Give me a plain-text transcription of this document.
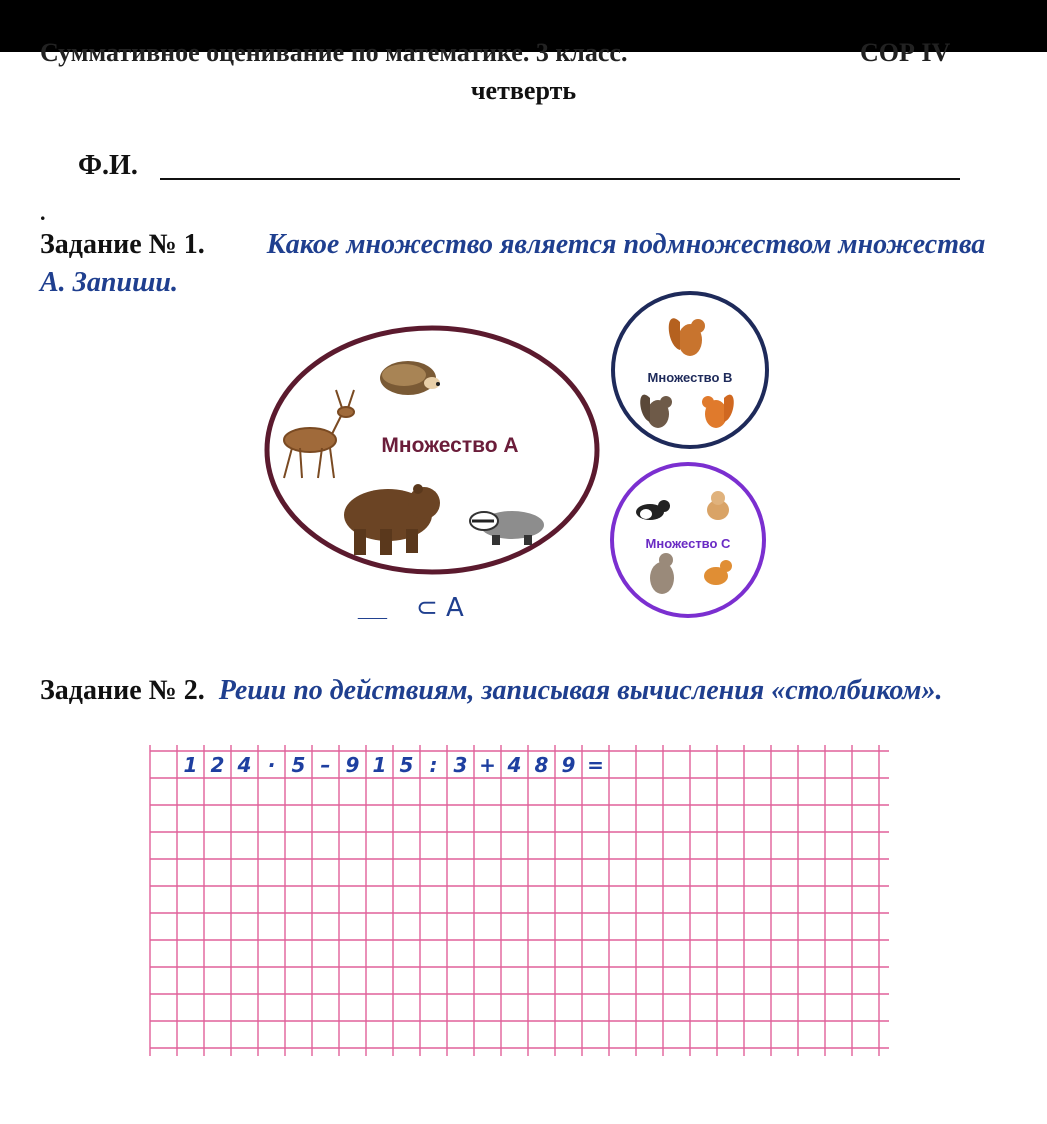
Суммативное оценивание по математике. 3 класс.	СОР IV
четверть
Ф.И.
.
Задание № 1. Какое множество является подмножеством множества А. Запиши.
Множество А
Множество В
Множество С
__ ⊂ А
Задание № 2. Реши по действиям, записывая вычисления «столбиком».
1 2 4 · 5 – 9 1 5 : 3 + 4 8 9 =
